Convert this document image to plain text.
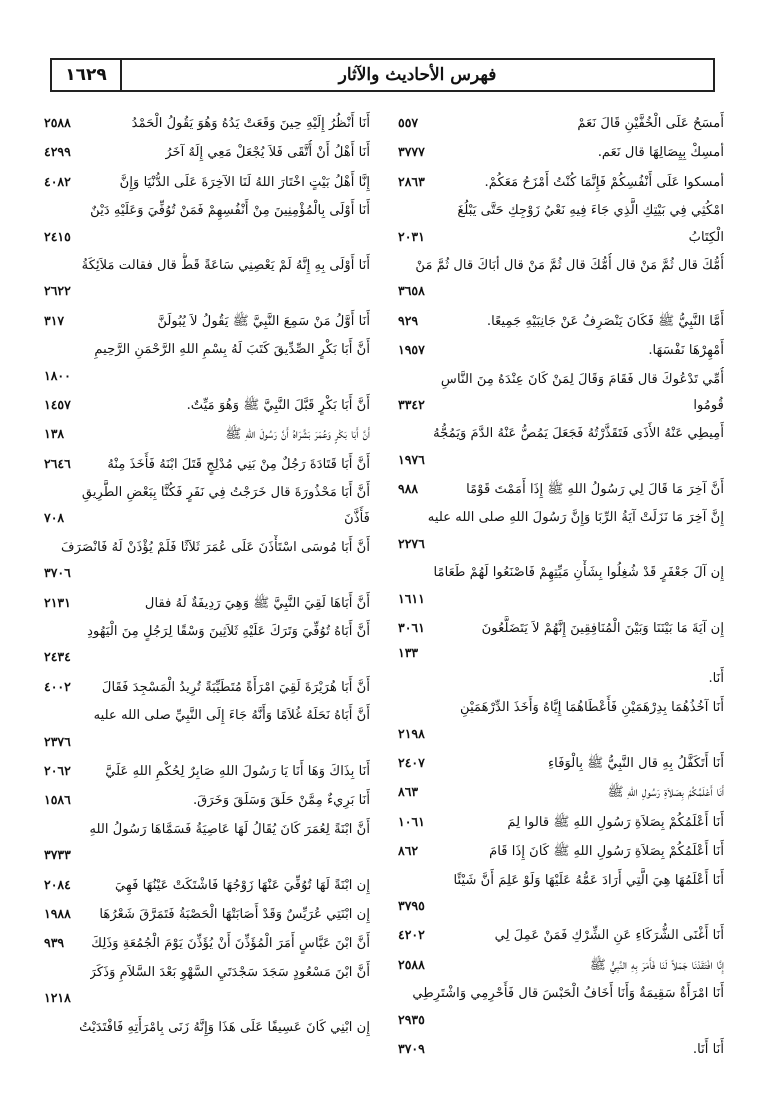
١٦٢٩	فهرس الأحاديث والآثار
أَمسَحُ عَلَى الْخُفَّيْنِ قَالَ نَعَمْ
٥٥٧
أمسِكْ بِيِصَالِهَا قال نَعَم.
٣٧٧٧
أمسكوا عَلَى أَنْفُسِكُمْ فَإِنَّمَا كُنْتُ أَمْزَحُ مَعَكُمْ.
٢٨٦٣
امْكُثِي فِي بَيْتِكِ الَّذِي جَاءَ فِيهِ نَعْيُ زَوْجِكِ حَتَّى يَبْلُغَ
الْكِتَابُ
٢٠٣١
أُمُّكَ قال ثُمَّ مَنْ قال أُمُّكَ قال ثُمَّ مَنْ قال أبَاكَ قال ثُمَّ مَنْ
٣٦٥٨
أَمَّا النَّبِيُّ ﷺ فَكَانَ يَنْصَرِفُ عَنْ جَانِبَيْهِ جَمِيعًا.
٩٢٩
أَمْهِرْهَا نَفْسَهَا.
١٩٥٧
أُمِّي تَدْعُوكَ قال فَقَامَ وَقَالَ لِمَنْ كَانَ عِنْدَهُ مِنَ النَّاسِ
قُومُوا
٣٣٤٢
أَمِيطِي عَنْهُ الأَذَى فَتَقَذَّرْتُهُ فَجَعَلَ يَمُصُّ عَنْهُ الدَّمَ وَيَمُجُّهُ
١٩٧٦
أَنَّ آخِرَ مَا قَالَ لِي رَسُولُ اللهِ ﷺ إِذَا أَمَمْتَ قَوْمًا
٩٨٨
إِنَّ آخِرَ مَا نَزَلَتْ آيَةُ الرِّبَا وَإِنَّ رَسُولَ اللهِ صلى الله عليه
٢٢٧٦
إِن آلَ جَعْفَرٍ قَدْ شُغِلُوا بِشَأْنِ مَيِّتِهِمْ فَاصْنَعُوا لَهُمْ طَعَامًا
١٦١١
إِن آيَةَ مَا بَيْنَنَا وَبَيْنَ الْمُنَافِقِينَ إِنَّهُمْ لاَ يَتَضَلَّعُونَ
٣٠٦١
١٣٣
أَنَا.
أَنَا آخُذُهُمَا بِدِرْهَمَيْنِ فَأَعْطَاهُمَا إِيَّاهُ وَأَخَذَ الدِّرْهَمَيْنِ
٢١٩٨
أَنَا أَتَكَفَّلُ بِهِ قال النَّبِيُّ ﷺ بِالْوَفَاءِ
٢٤٠٧
أَنَا أَعْلَمُكُمْ بِصَلاَةِ رَسُولِ اللهِ ﷺ
٨٦٣
أَنَا أَعْلَمُكُمْ بِصَلاَةِ رَسُولِ اللهِ ﷺ قالوا لِمَ
١٠٦١
أَنَا أَعْلَمُكُمْ بِصَلاَةِ رَسُولِ اللهِ ﷺ كَانَ إِذَا قَامَ
٨٦٢
أَنَا أَعْلَمُهَا هِيَ الَّتِي أَرَادَ عَمُّهُ عَلَيْهَا وَلَوْ عَلِمَ أَنَّ شَيْئًا
٣٧٩٥
أَنَا أَغْنَى الشُّرَكَاءِ عَنِ الشِّرْكِ فَمَنْ عَمِلَ لِي
٤٢٠٢
إِنَّا افْتَقَدْنَا جَمَلاً لَنَا فَأَمَرَ بِهِ النَّبِيُّ ﷺ
٢٥٨٨
أَنَا امْرَأَةٌ سَقِيمَةٌ وَأَنَا أَخَافُ الْحَبْسَ قال فَأَحْرِمِي وَاشْتَرِطِي
٢٩٣٥
أَنَا أَنَا.
٣٧٠٩
أَنَا أَنْظُرُ إِلَيْهِ حِينَ وَقَعَتْ يَدُهُ وَهُوَ يَقُولُ الْحَمْدُ
٢٥٨٨
أَنَا أَهْلُ أَنْ أُتَّقَى فَلاَ يُجْعَلْ مَعِي إِلَهٌ آخَرُ
٤٢٩٩
إِنَّا أَهْلُ بَيْتٍ اخْتَارَ اللهُ لَنَا الآخِرَةَ عَلَى الدُّنْيَا وَإِنَّ
٤٠٨٢
أَنَا أَوْلَى بِالْمُؤْمِنِينَ مِنْ أَنْفُسِهِمْ فَمَنْ تُوُفِّيَ وَعَلَيْهِ دَيْنٌ
٢٤١٥
أَنَا أَوْلَى بِهِ إِنَّهُ لَمْ يَعْصِنِي سَاعَةً قَطُّ قال فقالت مَلاَئِكَةُ
٢٦٢٢
أَنَا أَوَّلُ مَنْ سَمِعَ النَّبِيَّ ﷺ يَقُولُ لاَ يُبُولَنَّ
٣١٧
أَنَّ أَبَا بَكْرٍ الصِّدِّيقَ كَتَبَ لَهُ بِسْمِ اللهِ الرَّحْمَنِ الرَّحِيمِ
١٨٠٠
أَنَّ أَبَا بَكْرٍ قَبَّلَ النَّبِيَّ ﷺ وَهُوَ مَيِّتٌ.
١٤٥٧
أَنَّ أَبَا بَكْرٍ وَعُمَرَ بَشَّرَاهُ أَنَّ رَسُولَ اللهِ ﷺ
١٣٨
أَنَّ أَبَا قَتَادَةَ رَجُلٌ مِنْ بَنِي مُدْلِجٍ قَتَلَ ابْنَهُ فَأَخَذَ مِنْهُ
٢٦٤٦
أَنَّ أَبَا مَحْذُورَةَ قال خَرَجْتُ فِي نَفَرٍ فَكُنَّا بِبَعْضِ الطَّرِيقِ
فَأَذَّنَ
٧٠٨
أَنَّ أَبَا مُوسَى اسْتَأْذَنَ عَلَى عُمَرَ ثَلاَثًا فَلَمْ يُؤْذَنْ لَهُ فَانْصَرَفَ
٣٧٠٦
أَنَّ أَبَاهَا لَقِيَ النَّبِيَّ ﷺ وَهِيَ رَدِيفَةٌ لَهُ فقال
٢١٣١
أَنَّ أَبَاهُ تُوُفِّيَ وَتَرَكَ عَلَيْهِ ثَلاَثِينَ وَسْقًا لِرَجُلٍ مِنَ الْيَهُودِ
٢٤٣٤
أَنَّ أَبَا هُرَيْرَةَ لَقِيَ امْرَأَةً مُتَطَيِّبَةً تُرِيدُ الْمَسْجِدَ فَقَالَ
٤٠٠٢
أَنَّ أَبَاهُ نَحَلَهُ غُلاَمًا وَأَنَّهُ جَاءَ إِلَى النَّبِيِّ صلى الله عليه
٢٣٧٦
أَنَا بِذَاكَ وَهَا أَنَا يَا رَسُولَ اللهِ صَابِرٌ لِحُكْمِ اللهِ عَلَيَّ
٢٠٦٢
أَنَا بَرِيءٌ مِمَّنْ حَلَقَ وَسَلَقَ وَخَرَقَ.
١٥٨٦
أَنَّ ابْنَةً لِعُمَرَ كَانَ يُقَالُ لَهَا عَاصِيَةُ فَسَمَّاهَا رَسُولُ اللهِ
٣٧٣٣
إِن ابْنَةً لَهَا تُوُفِّيَ عَنْهَا زَوْجُهَا فَاشْتَكَتْ عَيْنُهَا فَهِيَ
٢٠٨٤
إِن ابْنَتِي عُرَيِّسٌ وَقَدْ أَصَابَتْهَا الْحَصْبَةُ فَتَمَرَّقَ شَعْرُهَا
١٩٨٨
أَنَّ ابْنَ عَبَّاسٍ أَمَرَ الْمُؤَذِّنَ أَنْ يُؤَذِّنَ يَوْمَ الْجُمُعَةِ وَذَلِكَ
٩٣٩
أَنَّ ابْنَ مَسْعُودٍ سَجَدَ سَجْدَتَيِ السَّهْوِ بَعْدَ السَّلاَمِ وَذَكَرَ
١٢١٨
إِن ابْنِي كَانَ عَسِيفًا عَلَى هَذَا وَإِنَّهُ زَنَى بِامْرَأَتِهِ فَافْتَدَيْتُ
